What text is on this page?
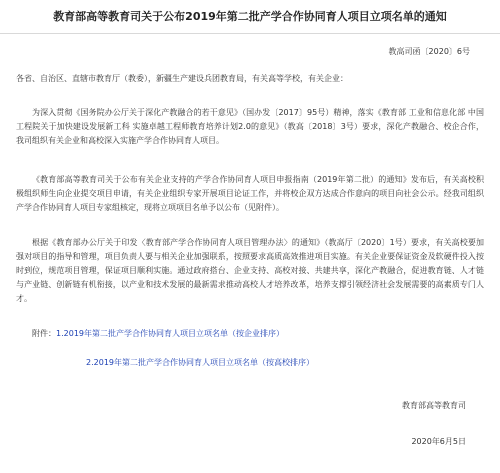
教育部高等教育司关于公布2019年第二批产学合作协同育人项目立项名单的通知
教高司函〔2020〕6号

各省、自治区、直辖市教育厅（教委），新疆生产建设兵团教育局，有关高等学校，有关企业：

为深入贯彻《国务院办公厅关于深化产教融合的若干意见》（国办发〔2017〕95号）精神，落实《教育部 工业和信息化部 中国工程院关于加快建设发展新工科 实施卓越工程师教育培养计划2.0的意见》（教高〔2018〕3号）要求，深化产教融合、校企合作，我司组织有关企业和高校深入实施产学合作协同育人项目。

《教育部高等教育司关于公布有关企业支持的产学合作协同育人项目申报指南（2019年第二批）的通知》发布后，有关高校积极组织师生向企业提交项目申请，有关企业组织专家开展项目论证工作，并将校企双方达成合作意向的项目向社会公示。经我司组织产学合作协同育人项目专家组核定，现将立项项目名单予以公布（见附件）。

根据《教育部办公厅关于印发〈教育部产学合作协同育人项目管理办法〉的通知》（教高厅〔2020〕1号）要求，有关高校要加强对项目的指导和管理，项目负责人要与相关企业加强联系，按照要求高质高效推进项目实施。有关企业要保证资金及软硬件投入按时到位，规范项目管理，保证项目顺利实施。通过政府搭台、企业支持、高校对接、共建共享，深化产教融合，促进教育链、人才链与产业链、创新链有机衔接，以产业和技术发展的最新需求推动高校人才培养改革，培养支撑引领经济社会发展需要的高素质专门人才。

附件： 1.2019年第二批产学合作协同育人项目立项名单（按企业排序）
2.2019年第二批产学合作协同育人项目立项名单（按高校排序）
教育部高等教育司
2020年6月5日
